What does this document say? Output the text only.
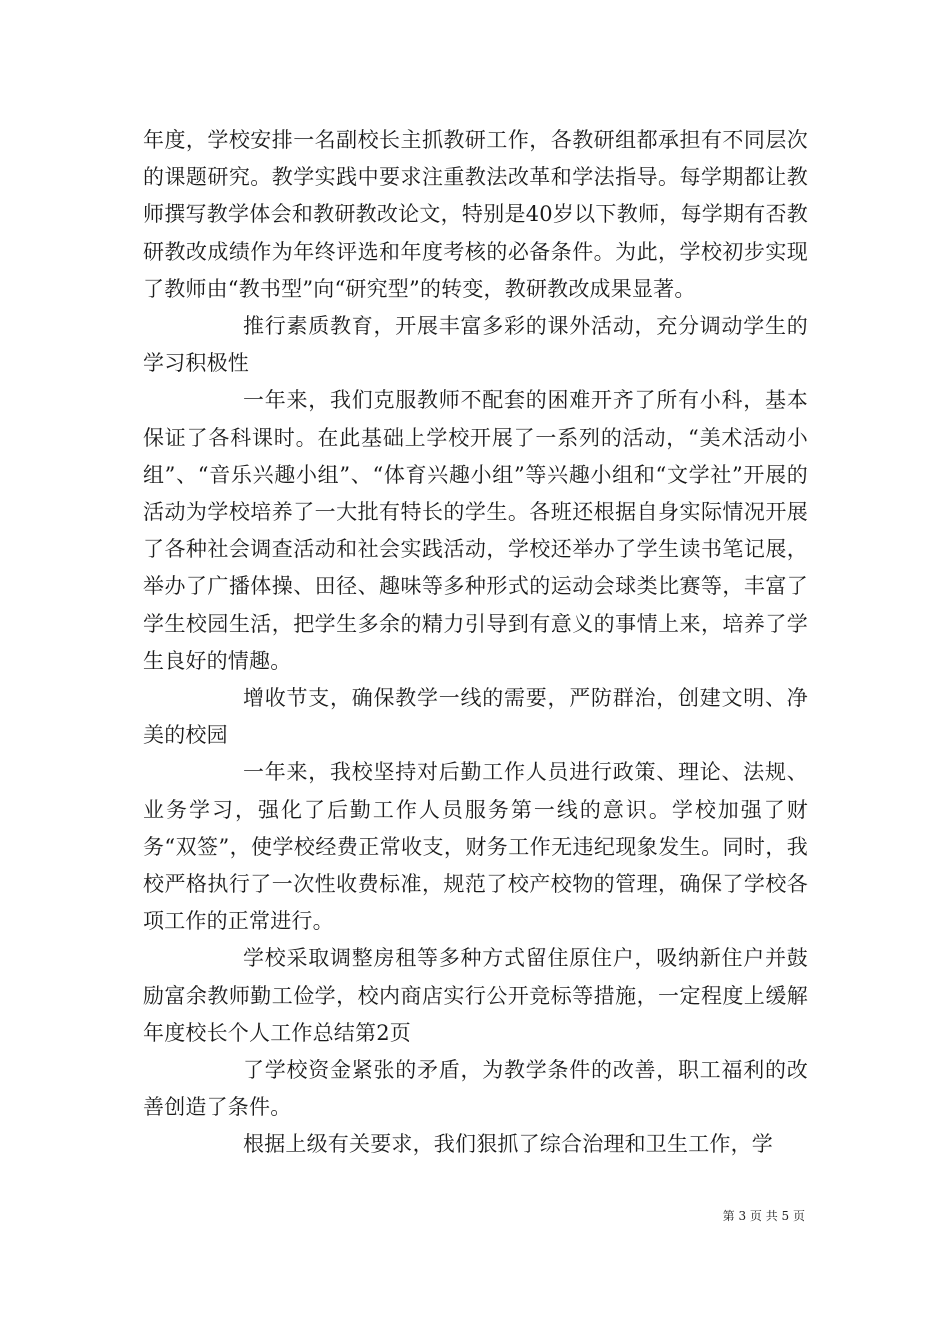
年度，学校安排一名副校长主抓教研工作，各教研组都承担有不同层次的课题研究。教学实践中要求注重教法改革和学法指导。每学期都让教师撰写教学体会和教研教改论文，特别是40岁以下教师，每学期有否教研教改成绩作为年终评选和年度考核的必备条件。为此，学校初步实现了教师由“教书型”向“研究型”的转变，教研教改成果显著。

推行素质教育，开展丰富多彩的课外活动，充分调动学生的学习积极性

一年来，我们克服教师不配套的困难开齐了所有小科，基本保证了各科课时。在此基础上学校开展了一系列的活动，“美术活动小组”、“音乐兴趣小组”、“体育兴趣小组”等兴趣小组和“文学社”开展的活动为学校培养了一大批有特长的学生。各班还根据自身实际情况开展了各种社会调查活动和社会实践活动，学校还举办了学生读书笔记展，举办了广播体操、田径、趣味等多种形式的运动会球类比赛等，丰富了学生校园生活，把学生多余的精力引导到有意义的事情上来，培养了学生良好的情趣。

增收节支，确保教学一线的需要，严防群治，创建文明、净美的校园

一年来，我校坚持对后勤工作人员进行政策、理论、法规、业务学习，强化了后勤工作人员服务第一线的意识。学校加强了财务“双签”，使学校经费正常收支，财务工作无违纪现象发生。同时，我校严格执行了一次性收费标准，规范了校产校物的管理，确保了学校各项工作的正常进行。

学校采取调整房租等多种方式留住原住户，吸纳新住户并鼓励富余教师勤工俭学，校内商店实行公开竞标等措施，一定程度上缓解年度校长个人工作总结第2页

了学校资金紧张的矛盾，为教学条件的改善，职工福利的改善创造了条件。

根据上级有关要求，我们狠抓了综合治理和卫生工作，学

第 3 页 共 5 页
